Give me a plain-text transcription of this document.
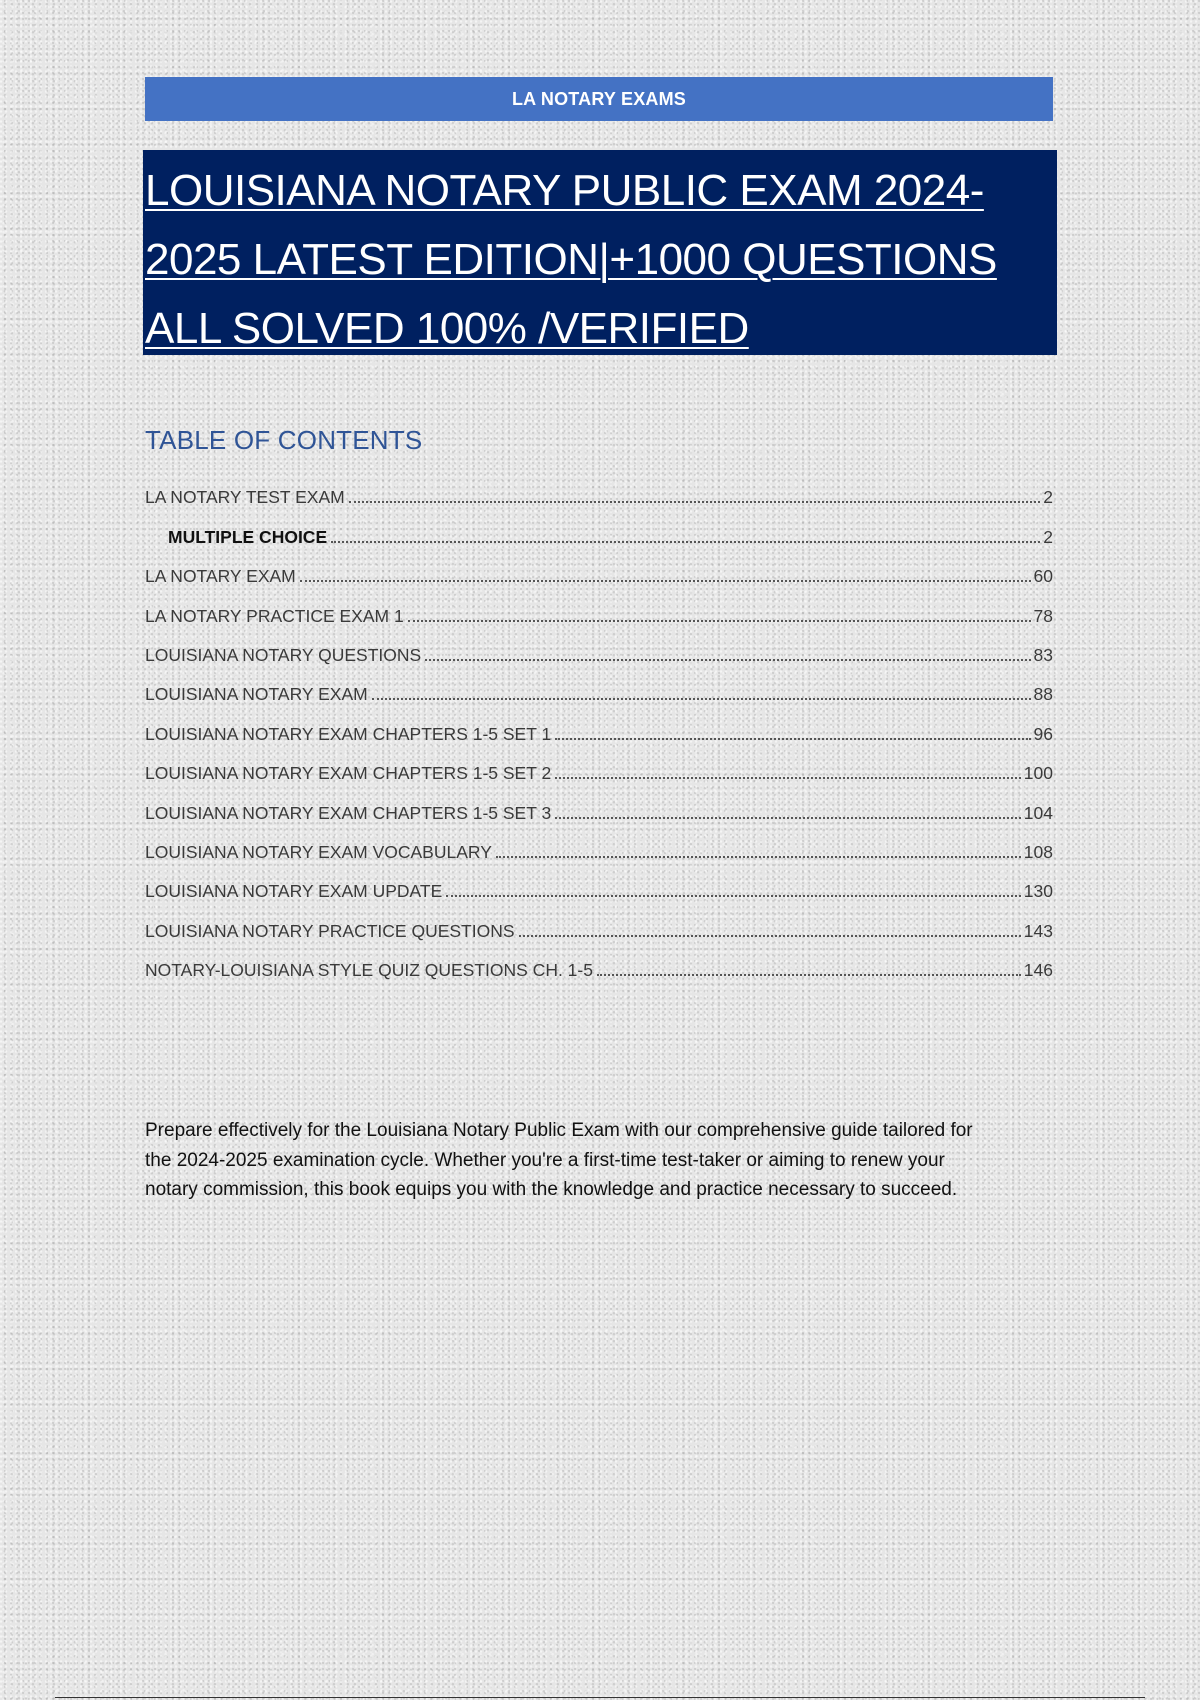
LA NOTARY EXAMS
LOUISIANA NOTARY PUBLIC EXAM 2024-
2025 LATEST EDITION|+1000 QUESTIONS
ALL SOLVED 100% /VERIFIED
TABLE OF CONTENTS
LA NOTARY TEST EXAM	2
MULTIPLE CHOICE	2
LA NOTARY EXAM	60
LA NOTARY PRACTICE EXAM 1	78
LOUISIANA NOTARY QUESTIONS	83
LOUISIANA NOTARY EXAM	88
LOUISIANA NOTARY EXAM CHAPTERS 1-5 SET 1	96
LOUISIANA NOTARY EXAM CHAPTERS 1-5 SET 2	100
LOUISIANA NOTARY EXAM CHAPTERS 1-5 SET 3	104
LOUISIANA NOTARY EXAM VOCABULARY	108
LOUISIANA NOTARY EXAM UPDATE	130
LOUISIANA NOTARY PRACTICE QUESTIONS	143
NOTARY-LOUISIANA STYLE QUIZ QUESTIONS CH. 1-5	146

Prepare effectively for the Louisiana Notary Public Exam with our comprehensive guide tailored for
the 2024-2025 examination cycle. Whether you're a first-time test-taker or aiming to renew your
notary commission, this book equips you with the knowledge and practice necessary to succeed.
